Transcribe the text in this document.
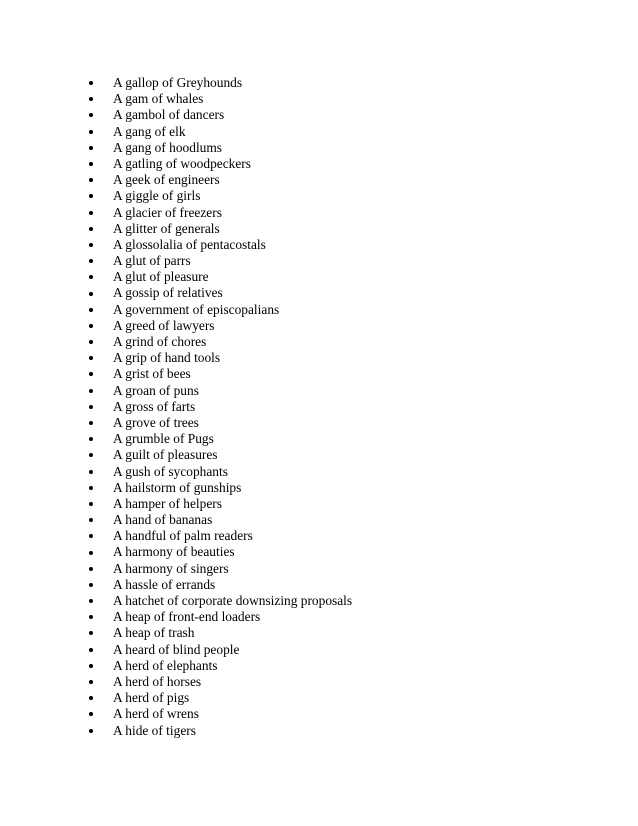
A gallop of Greyhounds
A gam of whales
A gambol of dancers
A gang of elk
A gang of hoodlums
A gatling of woodpeckers
A geek of engineers
A giggle of girls
A glacier of freezers
A glitter of generals
A glossolalia of pentacostals
A glut of parrs
A glut of pleasure
A gossip of relatives
A government of episcopalians
A greed of lawyers
A grind of chores
A grip of hand tools
A grist of bees
A groan of puns
A gross of farts
A grove of trees
A grumble of Pugs
A guilt of pleasures
A gush of sycophants
A hailstorm of gunships
A hamper of helpers
A hand of bananas
A handful of palm readers
A harmony of beauties
A harmony of singers
A hassle of errands
A hatchet of corporate downsizing proposals
A heap of front-end loaders
A heap of trash
A heard of blind people
A herd of elephants
A herd of horses
A herd of pigs
A herd of wrens
A hide of tigers
